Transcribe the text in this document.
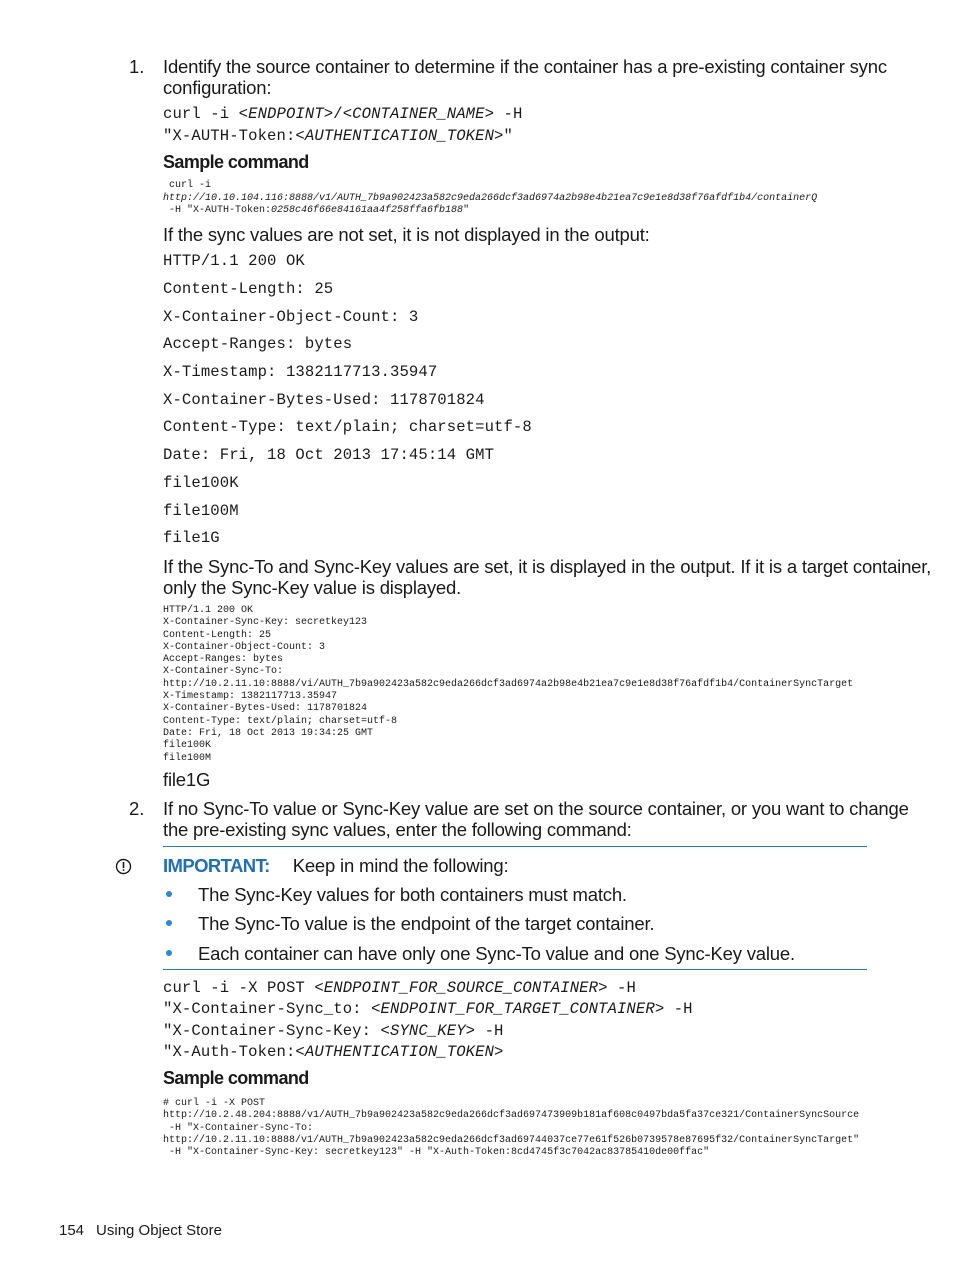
1. Identify the source container to determine if the container has a pre-existing container sync
configuration:
curl -i <ENDPOINT>/<CONTAINER_NAME> -H
"X-AUTH-Token:<AUTHENTICATION_TOKEN>"
Sample command
curl -i
http://10.10.104.116:8888/v1/AUTH_7b9a902423a582c9eda266dcf3ad6974a2b98e4b21ea7c9e1e8d38f76afdf1b4/containerQ
-H "X-AUTH-Token:0258c46f66e84161aa4f258ffa6fb188"
If the sync values are not set, it is not displayed in the output:
HTTP/1.1 200 OK
Content-Length: 25
X-Container-Object-Count: 3
Accept-Ranges: bytes
X-Timestamp: 1382117713.35947
X-Container-Bytes-Used: 1178701824
Content-Type: text/plain; charset=utf-8
Date: Fri, 18 Oct 2013 17:45:14 GMT
file100K
file100M
file1G
If the Sync-To and Sync-Key values are set, it is displayed in the output. If it is a target container,
only the Sync-Key value is displayed.
HTTP/1.1 200 OK
X-Container-Sync-Key: secretkey123
Content-Length: 25
X-Container-Object-Count: 3
Accept-Ranges: bytes
X-Container-Sync-To:
http://10.2.11.10:8888/vi/AUTH_7b9a902423a582c9eda266dcf3ad6974a2b98e4b21ea7c9e1e8d38f76afdf1b4/ContainerSyncTarget
X-Timestamp: 1382117713.35947
X-Container-Bytes-Used: 1178701824
Content-Type: text/plain; charset=utf-8
Date: Fri, 18 Oct 2013 19:34:25 GMT
file100K
file100M
file1G
2. If no Sync-To value or Sync-Key value are set on the source container, or you want to change
the pre-existing sync values, enter the following command:
IMPORTANT: Keep in mind the following:
The Sync-Key values for both containers must match.
The Sync-To value is the endpoint of the target container.
Each container can have only one Sync-To value and one Sync-Key value.
curl -i -X POST <ENDPOINT_FOR_SOURCE_CONTAINER> -H
"X-Container-Sync_to: <ENDPOINT_FOR_TARGET_CONTAINER> -H
"X-Container-Sync-Key: <SYNC_KEY> -H
"X-Auth-Token:<AUTHENTICATION_TOKEN>
Sample command
# curl -i -X POST
http://10.2.48.204:8888/v1/AUTH_7b9a902423a582c9eda266dcf3ad697473909b181af608c0497bda5fa37ce321/ContainerSyncSource
-H "X-Container-Sync-To:
http://10.2.11.10:8888/v1/AUTH_7b9a902423a582c9eda266dcf3ad69744037ce77e61f526b0739578e87695f32/ContainerSyncTarget"
-H "X-Container-Sync-Key: secretkey123" -H "X-Auth-Token:8cd4745f3c7042ac83785410de00ffac"
154 Using Object Store
